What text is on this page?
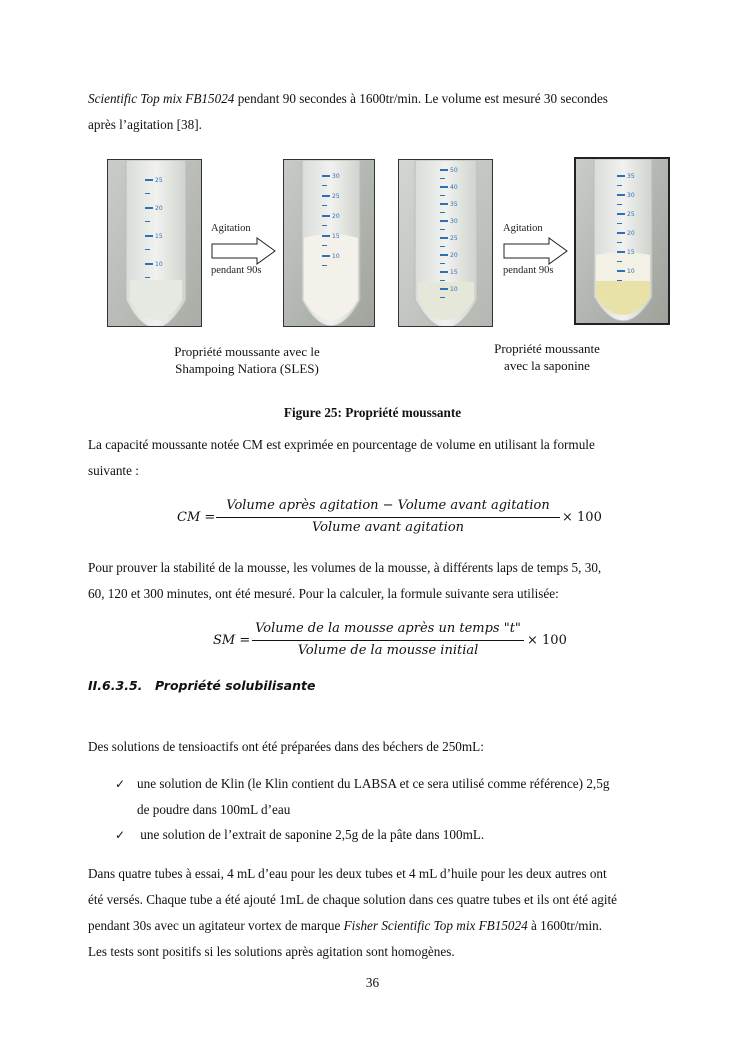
Scientific Top mix FB15024 pendant 90 secondes à 1600tr/min. Le volume est mesuré 30 secondes
après l’agitation [38].
25
20
15
10
Agitation
pendant 90s
30
25
20
15
10
50
40
35
30
25
20
15
10
Agitation
pendant 90s
35
30
25
20
15
10
Propriété moussante avec le
Shampoing Natiora (SLES)
Propriété moussante
avec la saponine
Figure 25: Propriété moussante
La capacité moussante notée CM est exprimée en pourcentage de volume en utilisant la formule
suivante :
CM =
Volume après agitation − Volume avant agitation
Volume avant agitation
× 100
Pour prouver la stabilité de la mousse, les volumes de la mousse, à différents laps de temps 5, 30,
60, 120 et 300 minutes, ont été mesuré. Pour la calculer, la formule suivante sera utilisée:
SM =
Volume de la mousse après un temps "t"
Volume de la mousse initial
× 100
II.6.3.5. Propriété solubilisante
Des solutions de tensioactifs ont été préparées dans des béchers de 250mL:
✓ une solution de Klin (le Klin contient du LABSA et ce sera utilisé comme référence) 2,5g
de poudre dans 100mL d’eau
✓ une solution de l’extrait de saponine 2,5g de la pâte dans 100mL.
Dans quatre tubes à essai, 4 mL d’eau pour les deux tubes et 4 mL d’huile pour les deux autres ont
été versés. Chaque tube a été ajouté 1mL de chaque solution dans ces quatre tubes et ils ont été agité
pendant 30s avec un agitateur vortex de marque Fisher Scientific Top mix FB15024 à 1600tr/min.
Les tests sont positifs si les solutions après agitation sont homogènes.
36
